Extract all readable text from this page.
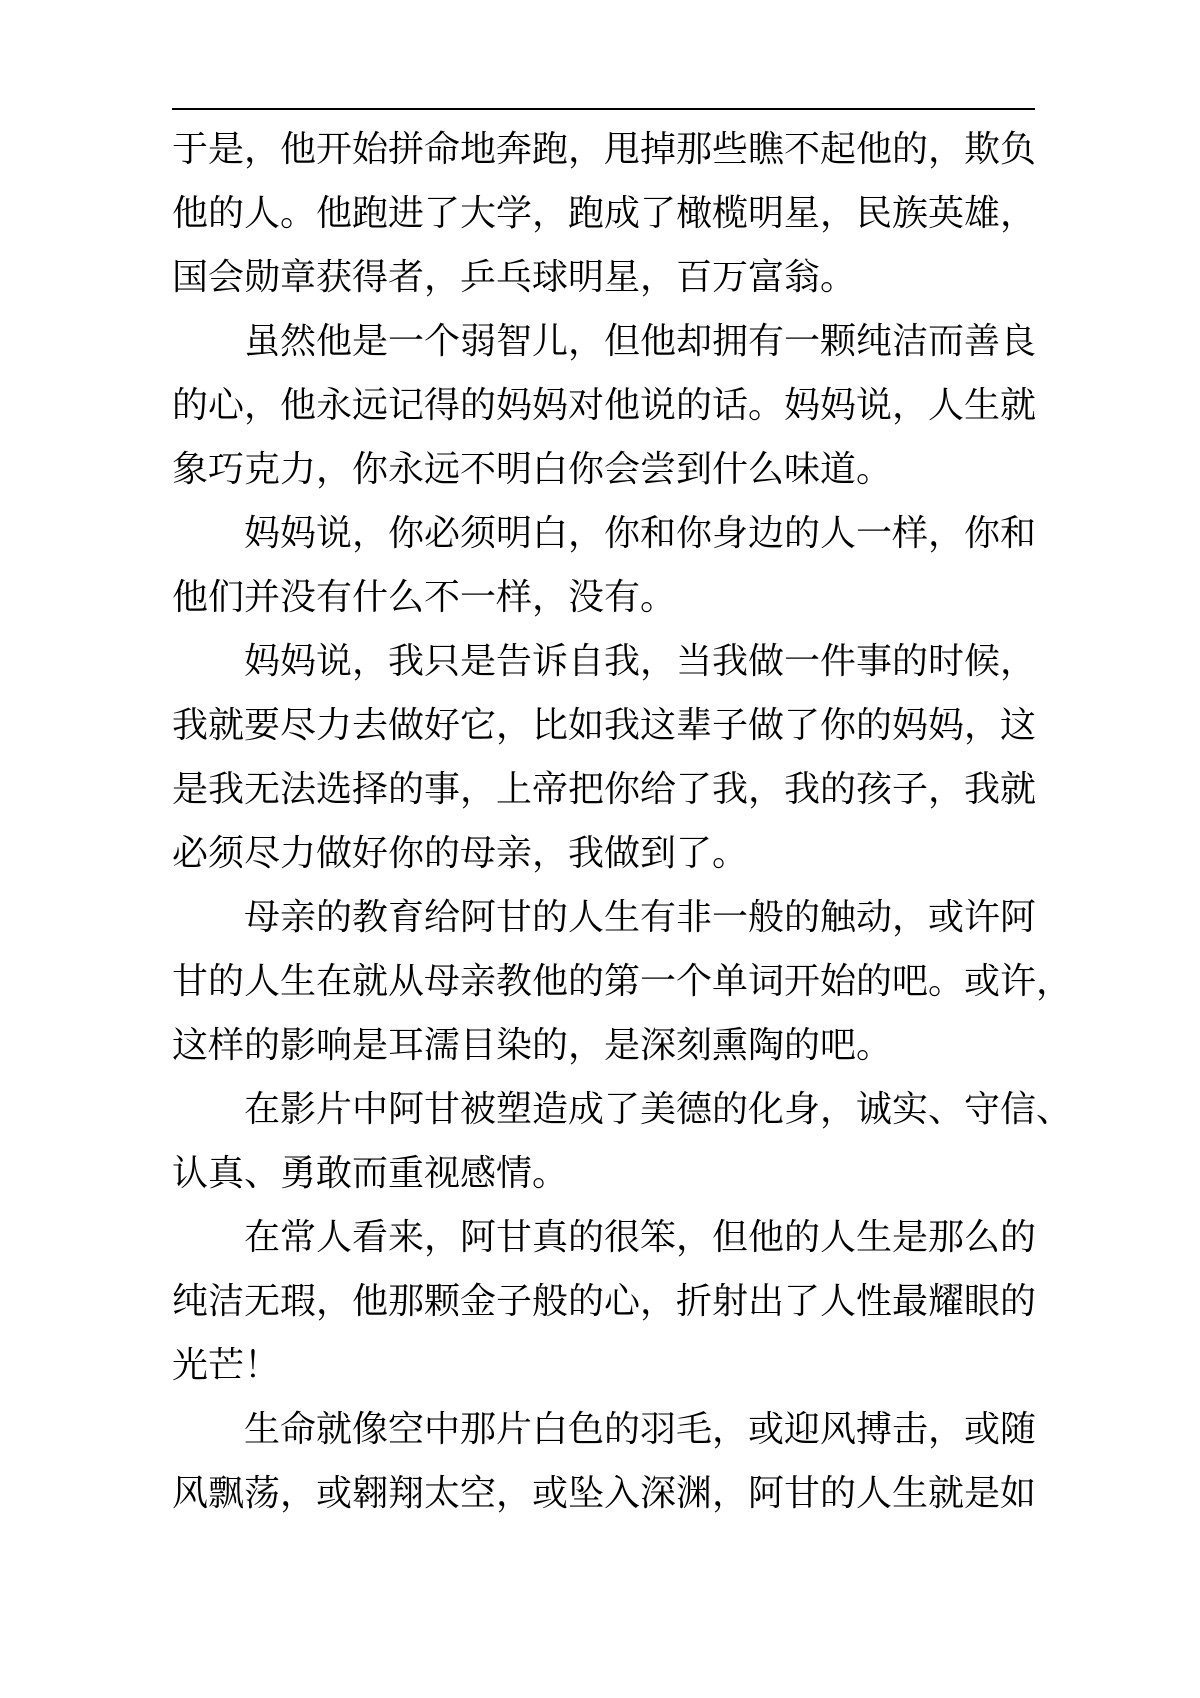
于是，他开始拼命地奔跑，甩掉那些瞧不起他的，欺负
他的人。他跑进了大学，跑成了橄榄明星，民族英雄，
国会勋章获得者，乒乓球明星，百万富翁。

虽然他是一个弱智儿，但他却拥有一颗纯洁而善良
的心，他永远记得的妈妈对他说的话。妈妈说，人生就
象巧克力，你永远不明白你会尝到什么味道。

妈妈说，你必须明白，你和你身边的人一样，你和
他们并没有什么不一样，没有。

妈妈说，我只是告诉自我，当我做一件事的时候，
我就要尽力去做好它，比如我这辈子做了你的妈妈，这
是我无法选择的事，上帝把你给了我，我的孩子，我就
必须尽力做好你的母亲，我做到了。

母亲的教育给阿甘的人生有非一般的触动，或许阿
甘的人生在就从母亲教他的第一个单词开始的吧。或许，
这样的影响是耳濡目染的，是深刻熏陶的吧。

在影片中阿甘被塑造成了美德的化身，诚实、守信、
认真、勇敢而重视感情。

在常人看来，阿甘真的很笨，但他的人生是那么的
纯洁无瑕，他那颗金子般的心，折射出了人性最耀眼的
光芒！

生命就像空中那片白色的羽毛，或迎风搏击，或随
风飘荡，或翱翔太空，或坠入深渊，阿甘的人生就是如
